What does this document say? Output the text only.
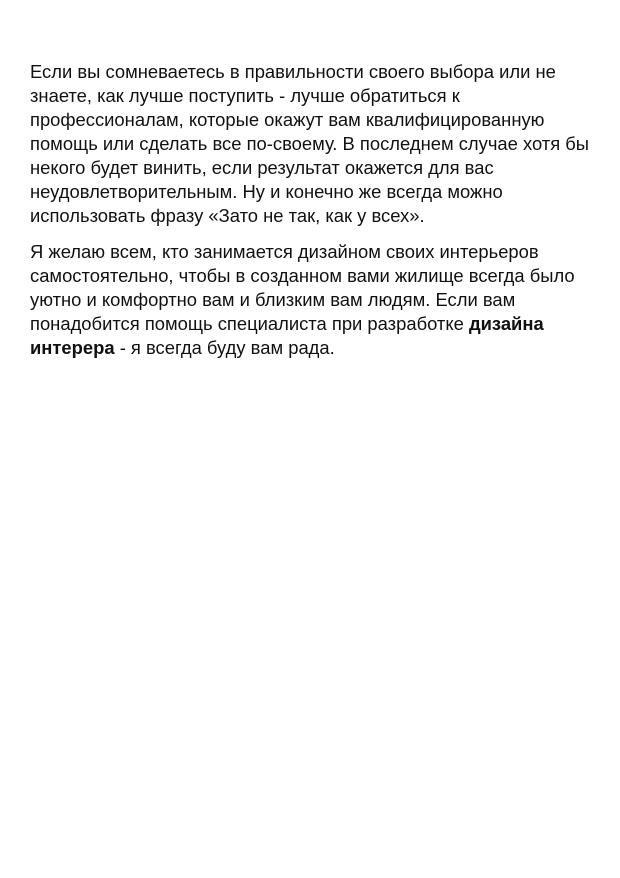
Если вы сомневаетесь в правильности своего выбора или не знаете, как лучше поступить - лучше обратиться к профессионалам, которые окажут вам квалифицированную помощь или сделать все по-своему. В последнем случае хотя бы некого будет винить, если результат окажется для вас неудовлетворительным. Ну и конечно же всегда можно использовать фразу «Зато не так, как у всех».

Я желаю всем, кто занимается дизайном своих интерьеров самостоятельно, чтобы в созданном вами жилище всегда было уютно и комфортно вам и близким вам людям. Если вам понадобится помощь специалиста при разработке дизайна интерера - я всегда буду вам рада.
